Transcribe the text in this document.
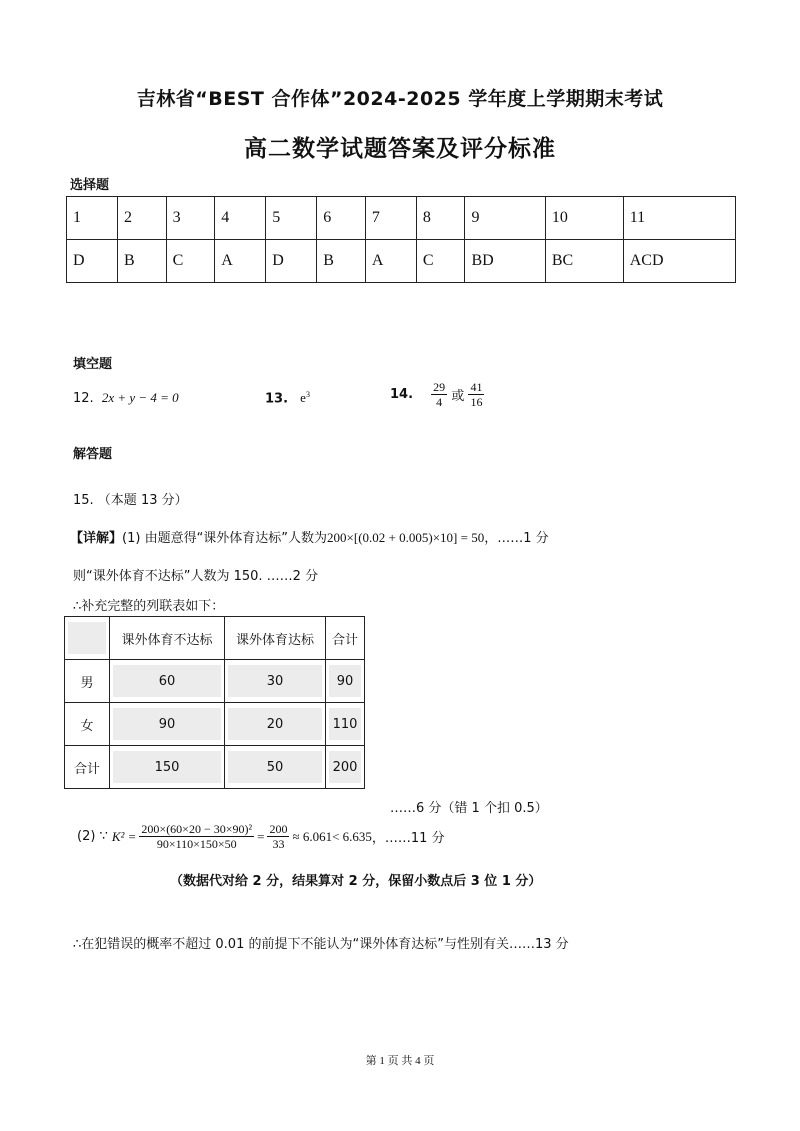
吉林省“BEST 合作体”2024-2025 学年度上学期期末考试
高二数学试题答案及评分标准
选择题
1	2	3	4	5	6	7	8	9	10	11
D	B	C	A	D	B	A	C	BD	BC	ACD
填空题
12. 2x + y − 4 = 0	13. $e^3$	14. $\frac{29}{4}$ 或 $\frac{41}{16}$
解答题
15. （本题 13 分）
【详解】(1) 由题意得“课外体育达标”人数为200×[(0.02 + 0.005)×10] = 50，……1 分
则“课外体育不达标”人数为 150. ……2 分
∴补充完整的列联表如下：

	课外体育不达标	课外体育达标	合计

男	60	30	90

女	90	20	110

合计	150	50	200
……6 分（错 1 个扣 0.5）
(2) ∵ $K^2 = \frac{\text{200×(60×20 − 30×90)²}}{90\times 110\times 150\times 50} = \frac{200}{33} \approx 6.061< 6.635$ ，……11 分
（数据代对给 2 分，结果算对 2 分，保留小数点后 3 位 1 分）
∴在犯错误的概率不超过 0.01 的前提下不能认为“课外体育达标”与性别有关……13 分
第 1 页 共 4 页
